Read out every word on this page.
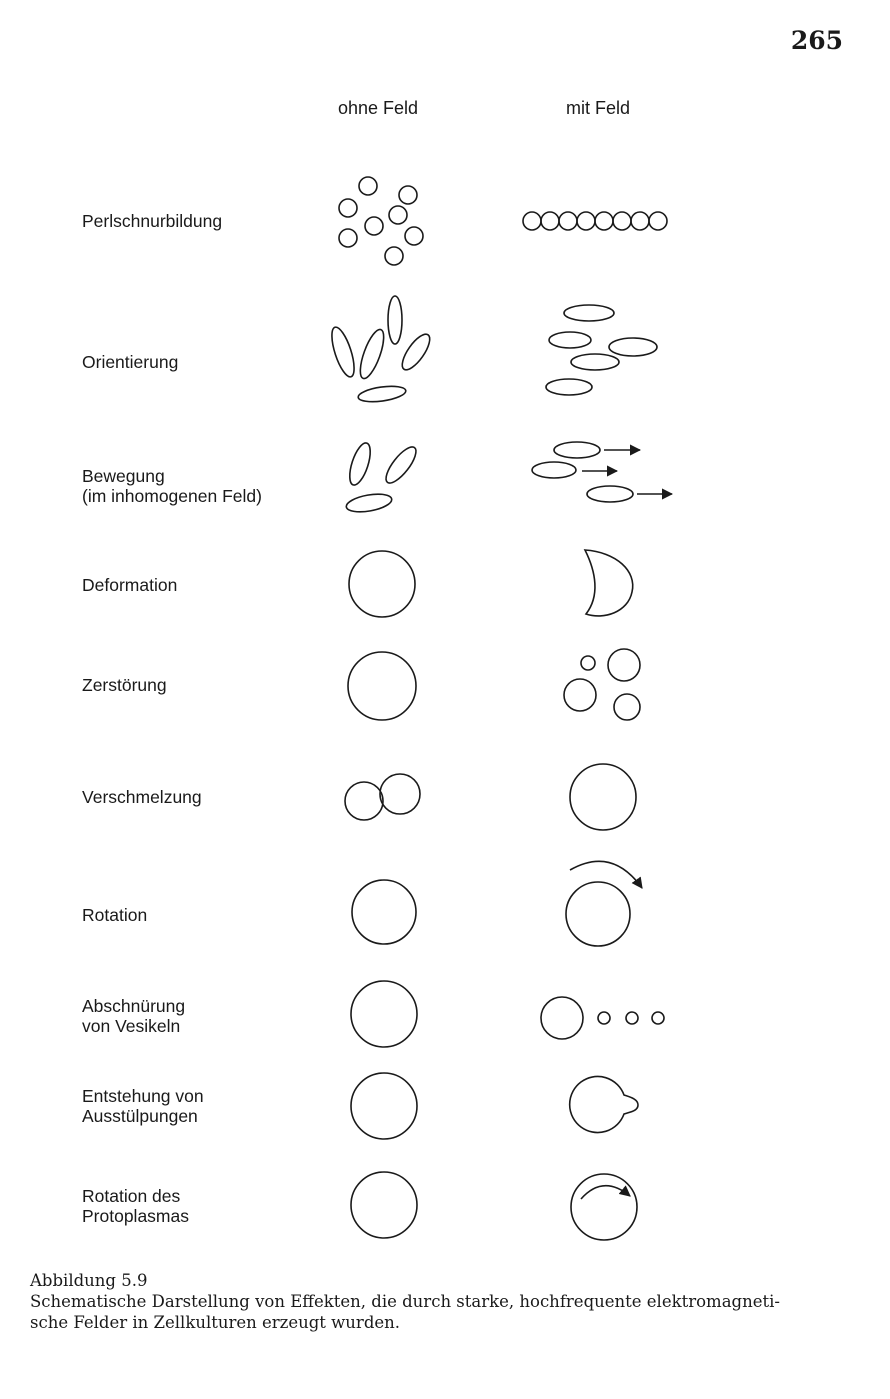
265
ohne Feld	mit Feld
Perlschnurbildung
Orientierung
Bewegung
(im inhomogenen Feld)
Deformation
Zerstörung
Verschmelzung
Rotation
Abschnürung
von Vesikeln
Entstehung von
Ausstülpungen
Rotation des
Protoplasmas
Abbildung 5.9
Schematische Darstellung von Effekten, die durch starke, hochfrequente elektromagneti-
sche Felder in Zellkulturen erzeugt wurden.
